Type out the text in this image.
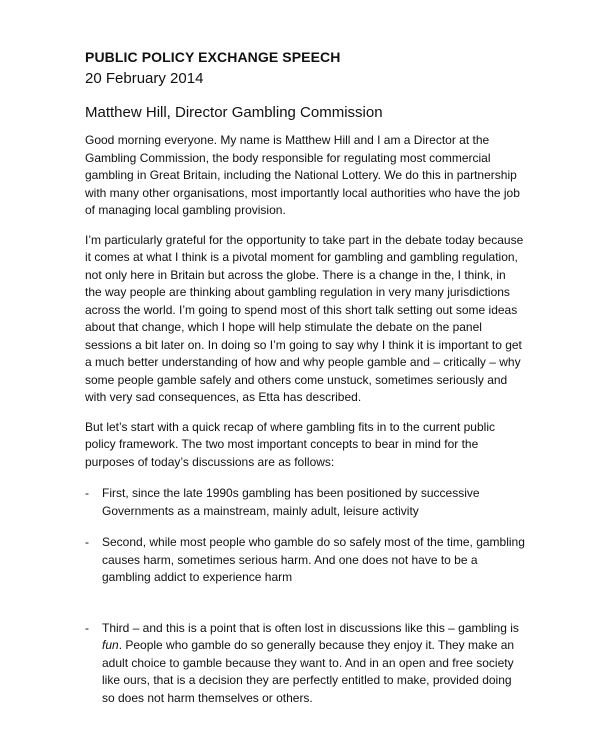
PUBLIC POLICY EXCHANGE SPEECH

20 February 2014

Matthew Hill, Director Gambling Commission

Good morning everyone. My name is Matthew Hill and I am a Director at the Gambling Commission, the body responsible for regulating most commercial gambling in Great Britain, including the National Lottery. We do this in partnership with many other organisations, most importantly local authorities who have the job of managing local gambling provision.

I’m particularly grateful for the opportunity to take part in the debate today because it comes at what I think is a pivotal moment for gambling and gambling regulation, not only here in Britain but across the globe. There is a change in the, I think, in the way people are thinking about gambling regulation in very many jurisdictions across the world. I’m going to spend most of this short talk setting out some ideas about that change, which I hope will help stimulate the debate on the panel sessions a bit later on. In doing so I’m going to say why I think it is important to get a much better understanding of how and why people gamble and – critically – why some people gamble safely and others come unstuck, sometimes seriously and with very sad consequences, as Etta has described.

But let’s start with a quick recap of where gambling fits in to the current public policy framework. The two most important concepts to bear in mind for the purposes of today’s discussions are as follows:

- First, since the late 1990s gambling has been positioned by successive Governments as a mainstream, mainly adult, leisure activity
- Second, while most people who gamble do so safely most of the time, gambling causes harm, sometimes serious harm. And one does not have to be a gambling addict to experience harm
- Third – and this is a point that is often lost in discussions like this – gambling is fun. People who gamble do so generally because they enjoy it. They make an adult choice to gamble because they want to. And in an open and free society like ours, that is a decision they are perfectly entitled to make, provided doing so does not harm themselves or others.
